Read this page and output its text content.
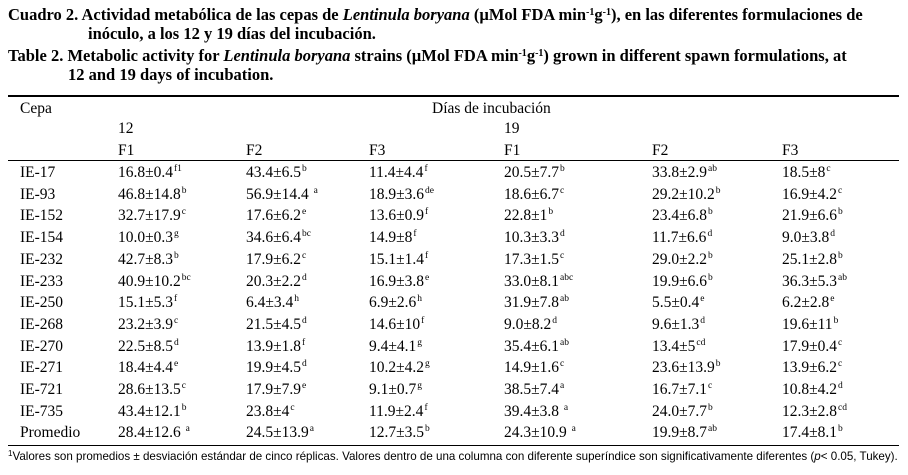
Cuadro 2. Actividad metabólica de las cepas de Lentinula boryana (µMol FDA $\min^{-1}g^{-1}$), en las diferentes formulaciones de
inóculo, a los 12 y 19 días del incubación.
Table 2. Metabolic activity for Lentinula boryana strains (µMol FDA $\min^{-1}g^{-1}$) grown in different spawn formulations, at
12 and 19 days of incubation.
Cepa	Días de incubación
12	19
F1	F2	F3	F1	F2	F3
IE-17	$16.8\pm 0.4^{f1}$	43.4±6.5$^b$	11.4±4.4$^f$	20.5±7.7$^b$	33.8±2.9$^{ab}$	$18.5\pm 8^c$
IE-93	46.8±14.8$^b$	56.9±14.4 $^a$	18.9±3.6de	18.6±6.7$^c$	29.2±10.2$^b$	16.9±4.2$^c$
IE-152	32.7±17.9$^c$	17.6±6.2$^e$	13.6±0.9$^f$	$22.8\pm 1^b$	23.4±6.8$^b$	21.9±6.6$^b$
IE-154	10.0±0.3$^g$	34.6±6.4$^{bc}$	$14.9\pm 8^f$	10.3±3.3$^d$	11.7±6.6$^d$	9.0±3.8$^d$
IE-232	42.7±8.3$^b$	17.9±6.2$^c$	15.1±1.4$^f$	17.3±1.5$^c$	29.0±2.2$^b$	25.1±2.8$^b$
IE-233	40.9±10.2$^{bc}$	20.3±2.2$^d$	16.9±3.8$^e$	33.0±8.1$^{abc}$	19.9±6.6$^b$	36.3±5.3$^{ab}$
IE-250	15.1±5.3$^f$	6.4±3.4$^h$	6.9±2.6$^h$	31.9±7.8$^{ab}$	5.5±0.4$^e$	6.2±2.8$^e$
IE-268	23.2±3.9$^c$	21.5±4.5$^d$	$14.6\pm 10^f$	9.0±8.2$^d$	9.6±1.3$^d$	$19.6\pm 11^b$
IE-270	22.5±8.5$^d$	13.9±1.8$^f$	9.4±4.1$^g$	35.4±6.1$^{ab}$	$13.4\pm 5^{cd}$	17.9±0.4$^c$
IE-271	18.4±4.4$^e$	19.9±4.5$^d$	10.2±4.2$^g$	14.9±1.6$^c$	23.6±13.9$^b$	13.9±6.2$^c$
IE-721	28.6±13.5$^c$	17.9±7.9$^e$	9.1±0.7$^g$	38.5±7.4$^a$	16.7±7.1$^c$	10.8±4.2$^d$
IE-735	43.4±12.1$^b$	$23.8\pm 4^c$	11.9±2.4$^f$	39.4±3.8 $^a$	24.0±7.7$^b$	12.3±2.8$^{cd}$
Promedio 28.4±12.6 $^a$	24.5±13.9$^a$	12.7±3.5$^b$	24.3±10.9 $^a$	19.9±8.7$^{ab}$	17.4±8.1$^b$
$^1$Valores son promedios ± desviación estándar de cinco réplicas. Valores dentro de una columna con diferente superíndice son significativamente diferentes (p< 0.05, Tukey).
